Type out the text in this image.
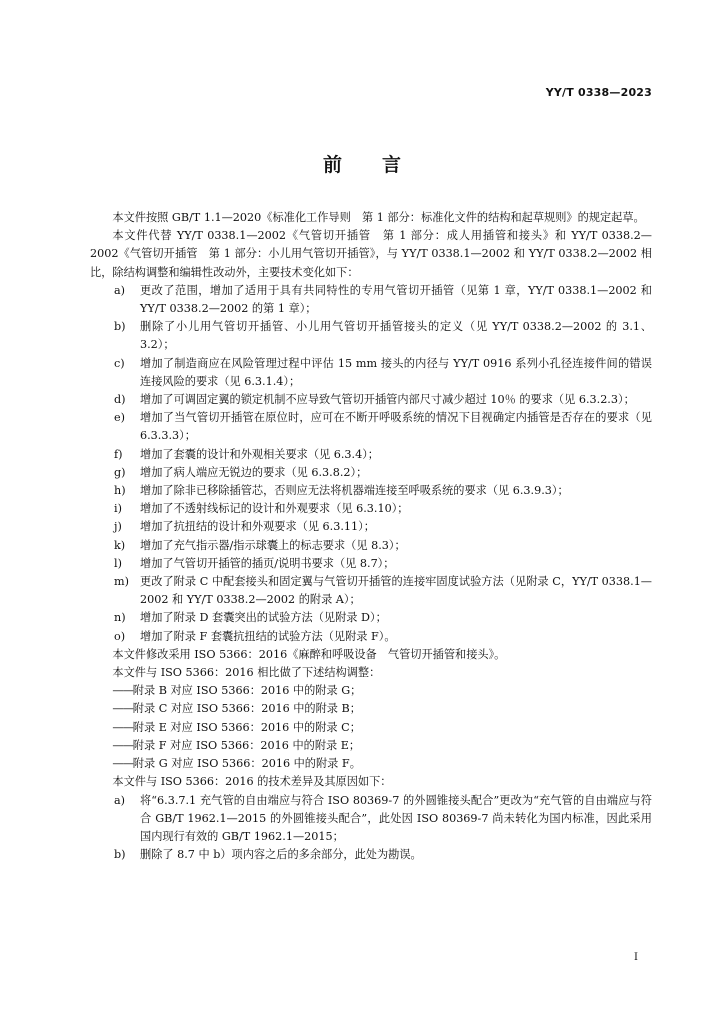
YY/T 0338—2023
前 言

本文件按照 GB/T 1.1—2020《标准化工作导则　第 1 部分：标准化文件的结构和起草规则》的规定起草。

本文件代替 YY/T 0338.1—2002《气管切开插管　第 1 部分：成人用插管和接头》和 YY/T 0338.2—2002《气管切开插管　第 1 部分：小儿用气管切开插管》，与 YY/T 0338.1—2002 和 YY/T 0338.2—2002 相比，除结构调整和编辑性改动外，主要技术变化如下：

a) 更改了范围，增加了适用于具有共同特性的专用气管切开插管（见第 1 章，YY/T 0338.1—2002 和 YY/T 0338.2—2002 的第 1 章）；

b) 删除了小儿用气管切开插管、小儿用气管切开插管接头的定义（见 YY/T 0338.2—2002 的 3.1、3.2）；

c) 增加了制造商应在风险管理过程中评估 15 mm 接头的内径与 YY/T 0916 系列小孔径连接件间的错误连接风险的要求（见 6.3.1.4）；

d) 增加了可调固定翼的锁定机制不应导致气管切开插管内部尺寸减少超过 10％ 的要求（见 6.3.2.3）；

e) 增加了当气管切开插管在原位时，应可在不断开呼吸系统的情况下目视确定内插管是否存在的要求（见 6.3.3.3）；

f) 增加了套囊的设计和外观相关要求（见 6.3.4）；

g) 增加了病人端应无锐边的要求（见 6.3.8.2）；

h) 增加了除非已移除插管芯，否则应无法将机器端连接至呼吸系统的要求（见 6.3.9.3）；

i) 增加了不透射线标记的设计和外观要求（见 6.3.10）；

j) 增加了抗扭结的设计和外观要求（见 6.3.11）；

k) 增加了充气指示器/指示球囊上的标志要求（见 8.3）；

l) 增加了气管切开插管的插页/说明书要求（见 8.7）；

m) 更改了附录 C 中配套接头和固定翼与气管切开插管的连接牢固度试验方法（见附录 C，YY/T 0338.1—2002 和 YY/T 0338.2—2002 的附录 A）；

n) 增加了附录 D 套囊突出的试验方法（见附录 D）；

o) 增加了附录 F 套囊抗扭结的试验方法（见附录 F）。

本文件修改采用 ISO 5366：2016《麻醉和呼吸设备　气管切开插管和接头》。

本文件与 ISO 5366：2016 相比做了下述结构调整：

——附录 B 对应 ISO 5366：2016 中的附录 G；

——附录 C 对应 ISO 5366：2016 中的附录 B；

——附录 E 对应 ISO 5366：2016 中的附录 C；

——附录 F 对应 ISO 5366：2016 中的附录 E；

——附录 G 对应 ISO 5366：2016 中的附录 F。

本文件与 ISO 5366：2016 的技术差异及其原因如下：

a) 将“6.3.7.1 充气管的自由端应与符合 ISO 80369-7 的外圆锥接头配合”更改为“充气管的自由端应与符合 GB/T 1962.1—2015 的外圆锥接头配合”，此处因 ISO 80369-7 尚未转化为国内标准，因此采用国内现行有效的 GB/T 1962.1—2015；

b) 删除了 8.7 中 b）项内容之后的多余部分，此处为勘误。

I
